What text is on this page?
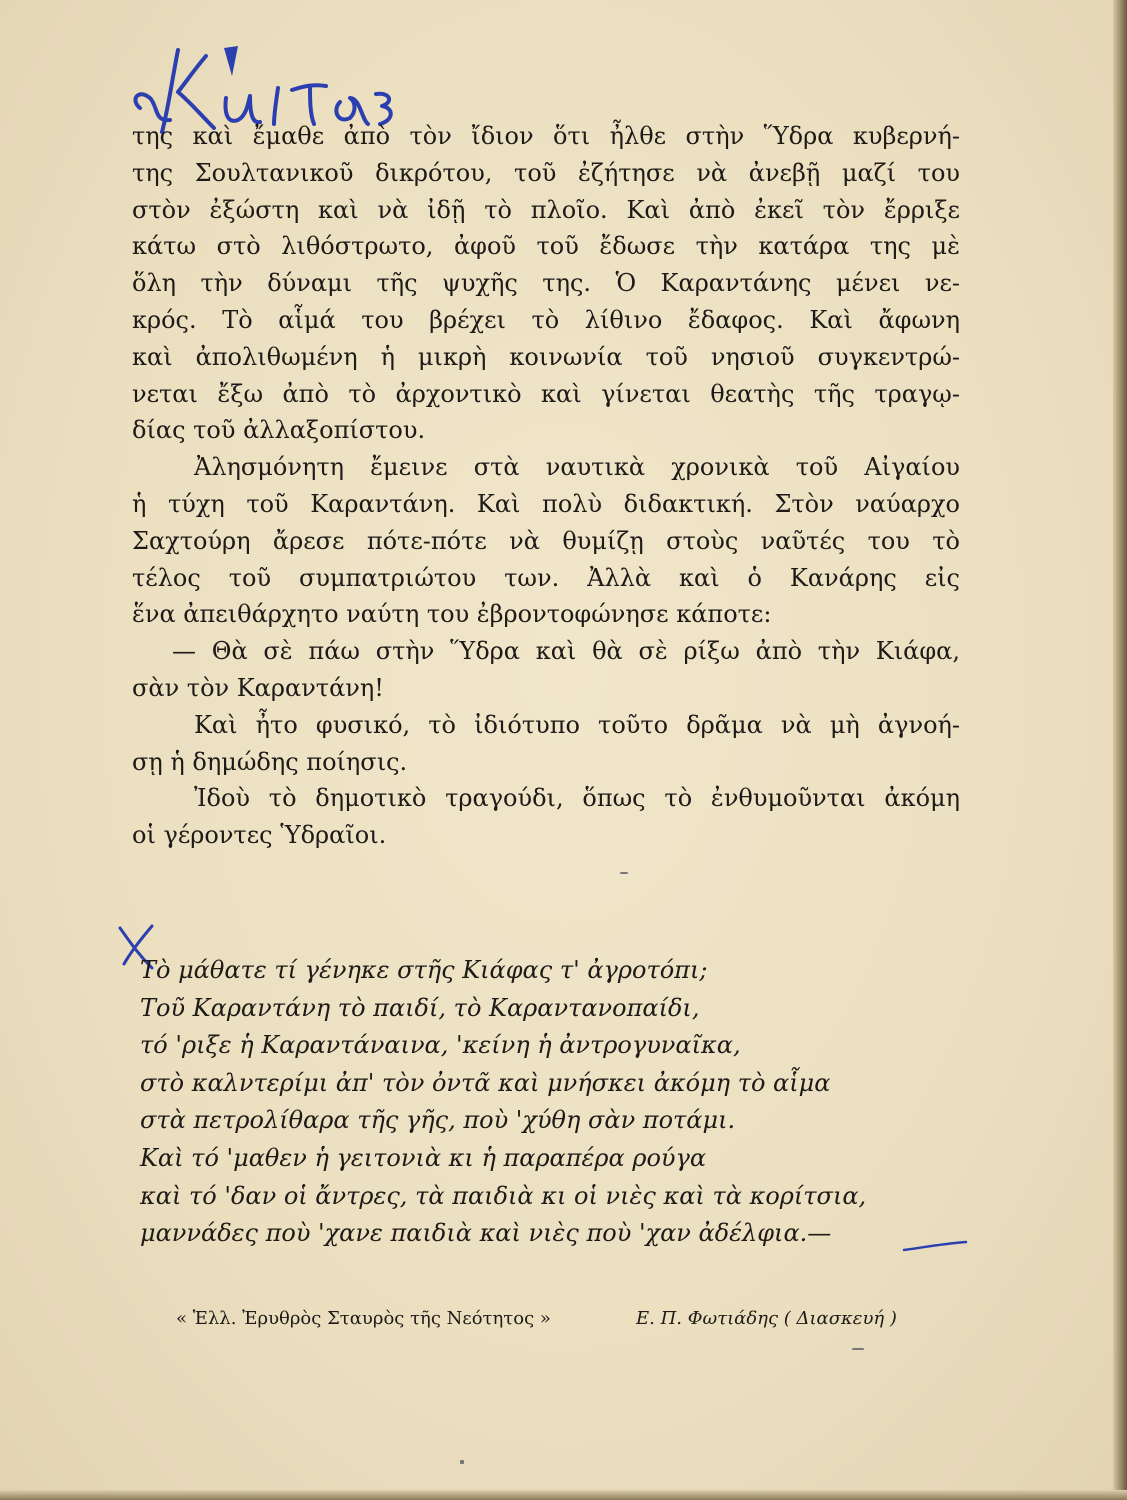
της καὶ ἔμαθε ἀπὸ τὸν ἴδιον ὅτι ἦλθε στὴν Ὕδρα κυβερνή-
της Σουλτανικοῦ δικρότου, τοῦ ἐζήτησε νὰ ἀνεβῇ μαζί του
στὸν ἐξώστη καὶ νὰ ἰδῇ τὸ πλοῖο. Καὶ ἀπὸ ἐκεῖ τὸν ἔρριξε
κάτω στὸ λιθόστρωτο, ἀφοῦ τοῦ ἔδωσε τὴν κατάρα της μὲ
ὅλη τὴν δύναμι τῆς ψυχῆς της. Ὁ Καραντάνης μένει νε-
κρός. Τὸ αἷμά του βρέχει τὸ λίθινο ἔδαφος. Καὶ ἄφωνη
καὶ ἀπολιθωμένη ἡ μικρὴ κοινωνία τοῦ νησιοῦ συγκεντρώ-
νεται ἔξω ἀπὸ τὸ ἀρχοντικὸ καὶ γίνεται θεατὴς τῆς τραγῳ-
δίας τοῦ ἀλλαξοπίστου.
Ἀλησμόνητη ἔμεινε στὰ ναυτικὰ χρονικὰ τοῦ Αἰγαίου
ἡ τύχη τοῦ Καραντάνη. Καὶ πολὺ διδακτική. Στὸν ναύαρχο
Σαχτούρη ἄρεσε πότε-πότε νὰ θυμίζῃ στοὺς ναῦτές του τὸ
τέλος τοῦ συμπατριώτου των. Ἀλλὰ καὶ ὁ Κανάρης εἰς
ἕνα ἀπειθάρχητο ναύτη του ἐβροντοφώνησε κάποτε:
— Θὰ σὲ πάω στὴν Ὕδρα καὶ θὰ σὲ ρίξω ἀπὸ τὴν Κιάφα,
σὰν τὸν Καραντάνη!
Καὶ ἦτο φυσικό, τὸ ἰδιότυπο τοῦτο δρᾶμα νὰ μὴ ἀγνοή-
σῃ ἡ δημώδης ποίησις.
Ἰδοὺ τὸ δημοτικὸ τραγούδι, ὅπως τὸ ἐνθυμοῦνται ἀκόμη
οἱ γέροντες Ὑδραῖοι.
Τὸ μάθατε τί γένηκε στῆς Κιάφας τ' ἀγροτόπι;
Τοῦ Καραντάνη τὸ παιδί, τὸ Καραντανοπαίδι,
τό 'ριξε ἡ Καραντάναινα, 'κείνη ἡ ἀντρογυναῖκα,
στὸ καλντερίμι ἀπ' τὸν ὀντᾶ καὶ μνήσκει ἀκόμη τὸ αἷμα
στὰ πετρολίθαρα τῆς γῆς, ποὺ 'χύθη σὰν ποτάμι.
Καὶ τό 'μαθεν ἡ γειτονιὰ κι ἡ παραπέρα ρούγα
καὶ τό 'δαν οἱ ἄντρες, τὰ παιδιὰ κι οἱ νιὲς καὶ τὰ κορίτσια,
μαννάδες ποὺ 'χανε παιδιὰ καὶ νιὲς ποὺ 'χαν ἀδέλφια.—
« Ἑλλ. Ἐρυθρὸς Σταυρὸς τῆς Νεότητος »	Ε. Π. Φωτιάδης ( Διασκευή )
